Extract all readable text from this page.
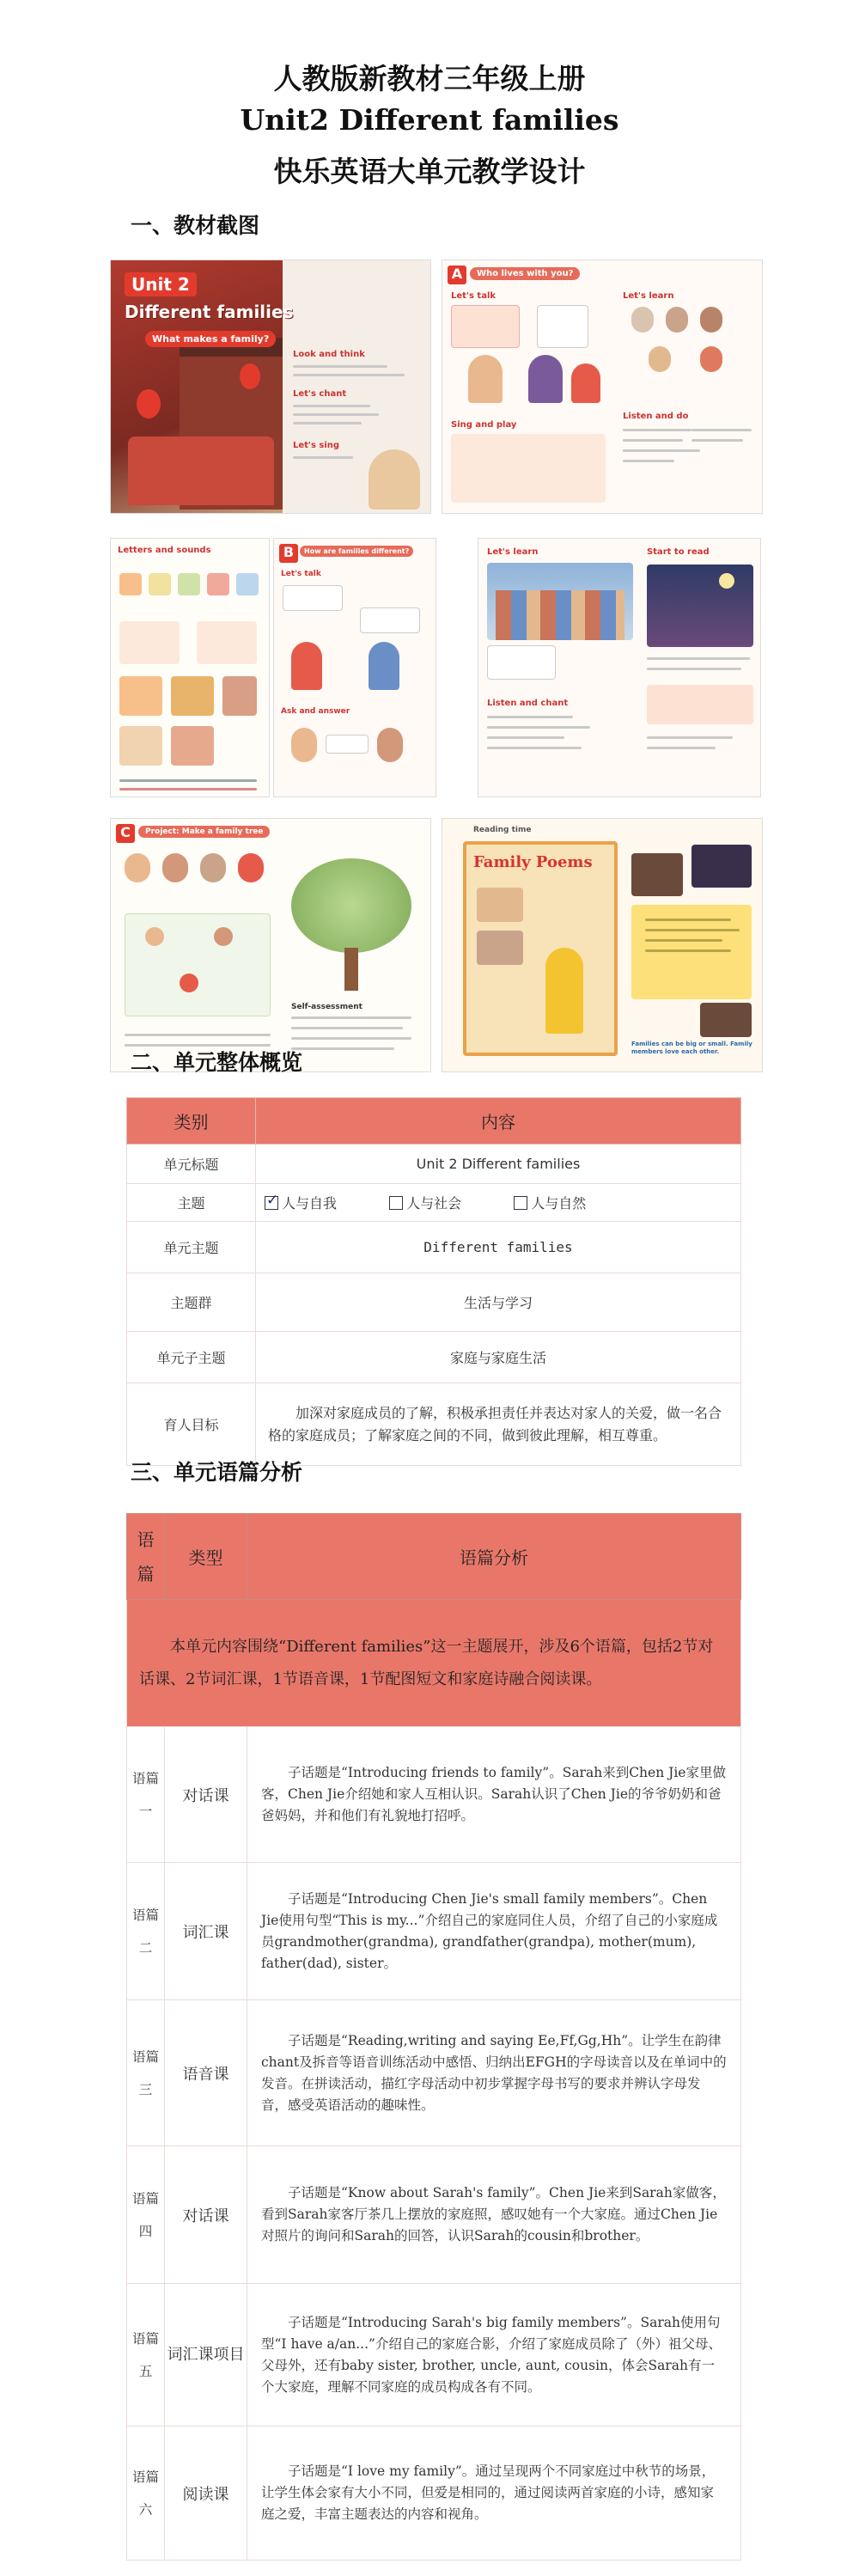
人教版新教材三年级上册
Unit2 Different families
快乐英语大单元教学设计
一、教材截图
Unit 2
Different families
What makes a family?
Look and think
Let's chant
Let's sing
A	Who lives with you?
Let's talk
Sing and play
Let's learn
Listen and do
Letters and sounds	B	How are families different?
Let's talk
Ask and answer
Let's learn
Listen and chant
Start to read
C	Project: Make a family tree
Self-assessment
Reading time
Family Poems
Families can be big or small. Family members love each other.
二、单元整体概览
类别	内容
单元标题	Unit 2 Different families
主题	✓人与自我 人与社会 人与自然
单元主题	Different families
主题群	生活与学习
单元子主题	家庭与家庭生活
育人目标	加深对家庭成员的了解，积极承担责任并表达对家人的关爱，做一名合格的家庭成员；了解家庭之间的不同，做到彼此理解，相互尊重。
三、单元语篇分析
语篇	类型	语篇分析
本单元内容围绕“Different families”这一主题展开，涉及6个语篇，包括2节对话课、2节词汇课，1节语音课，1节配图短文和家庭诗融合阅读课。		
语篇一	对话课	子话题是“Introducing friends to family”。Sarah来到Chen Jie家里做客，Chen Jie介绍她和家人互相认识。Sarah认识了Chen Jie的爷爷奶奶和爸爸妈妈，并和他们有礼貌地打招呼。
语篇二	词汇课	子话题是“Introducing Chen Jie's small family members”。Chen Jie使用句型“This is my...”介绍自己的家庭同住人员，介绍了自己的小家庭成员grandmother(grandma), grandfather(grandpa), mother(mum), father(dad), sister。
语篇三	语音课	子话题是“Reading,writing and saying Ee,Ff,Gg,Hh”。让学生在韵律chant及拆音等语音训练活动中感悟、归纳出EFGH的字母读音以及在单词中的发音。在拼读活动，描红字母活动中初步掌握字母书写的要求并辨认字母发音，感受英语活动的趣味性。
语篇四	对话课	子话题是“Know about Sarah's family”。Chen Jie来到Sarah家做客，看到Sarah家客厅茶几上摆放的家庭照，感叹她有一个大家庭。通过Chen Jie对照片的询问和Sarah的回答，认识Sarah的cousin和brother。
语篇五	词汇课项目	子话题是“Introducing Sarah's big family members”。Sarah使用句型“I have a/an...”介绍自己的家庭合影，介绍了家庭成员除了（外）祖父母、父母外，还有baby sister, brother, uncle, aunt, cousin，体会Sarah有一个大家庭，理解不同家庭的成员构成各有不同。
语篇六	阅读课	子话题是“I love my family”。通过呈现两个不同家庭过中秋节的场景，让学生体会家有大小不同，但爱是相同的，通过阅读两首家庭的小诗，感知家庭之爱，丰富主题表达的内容和视角。
